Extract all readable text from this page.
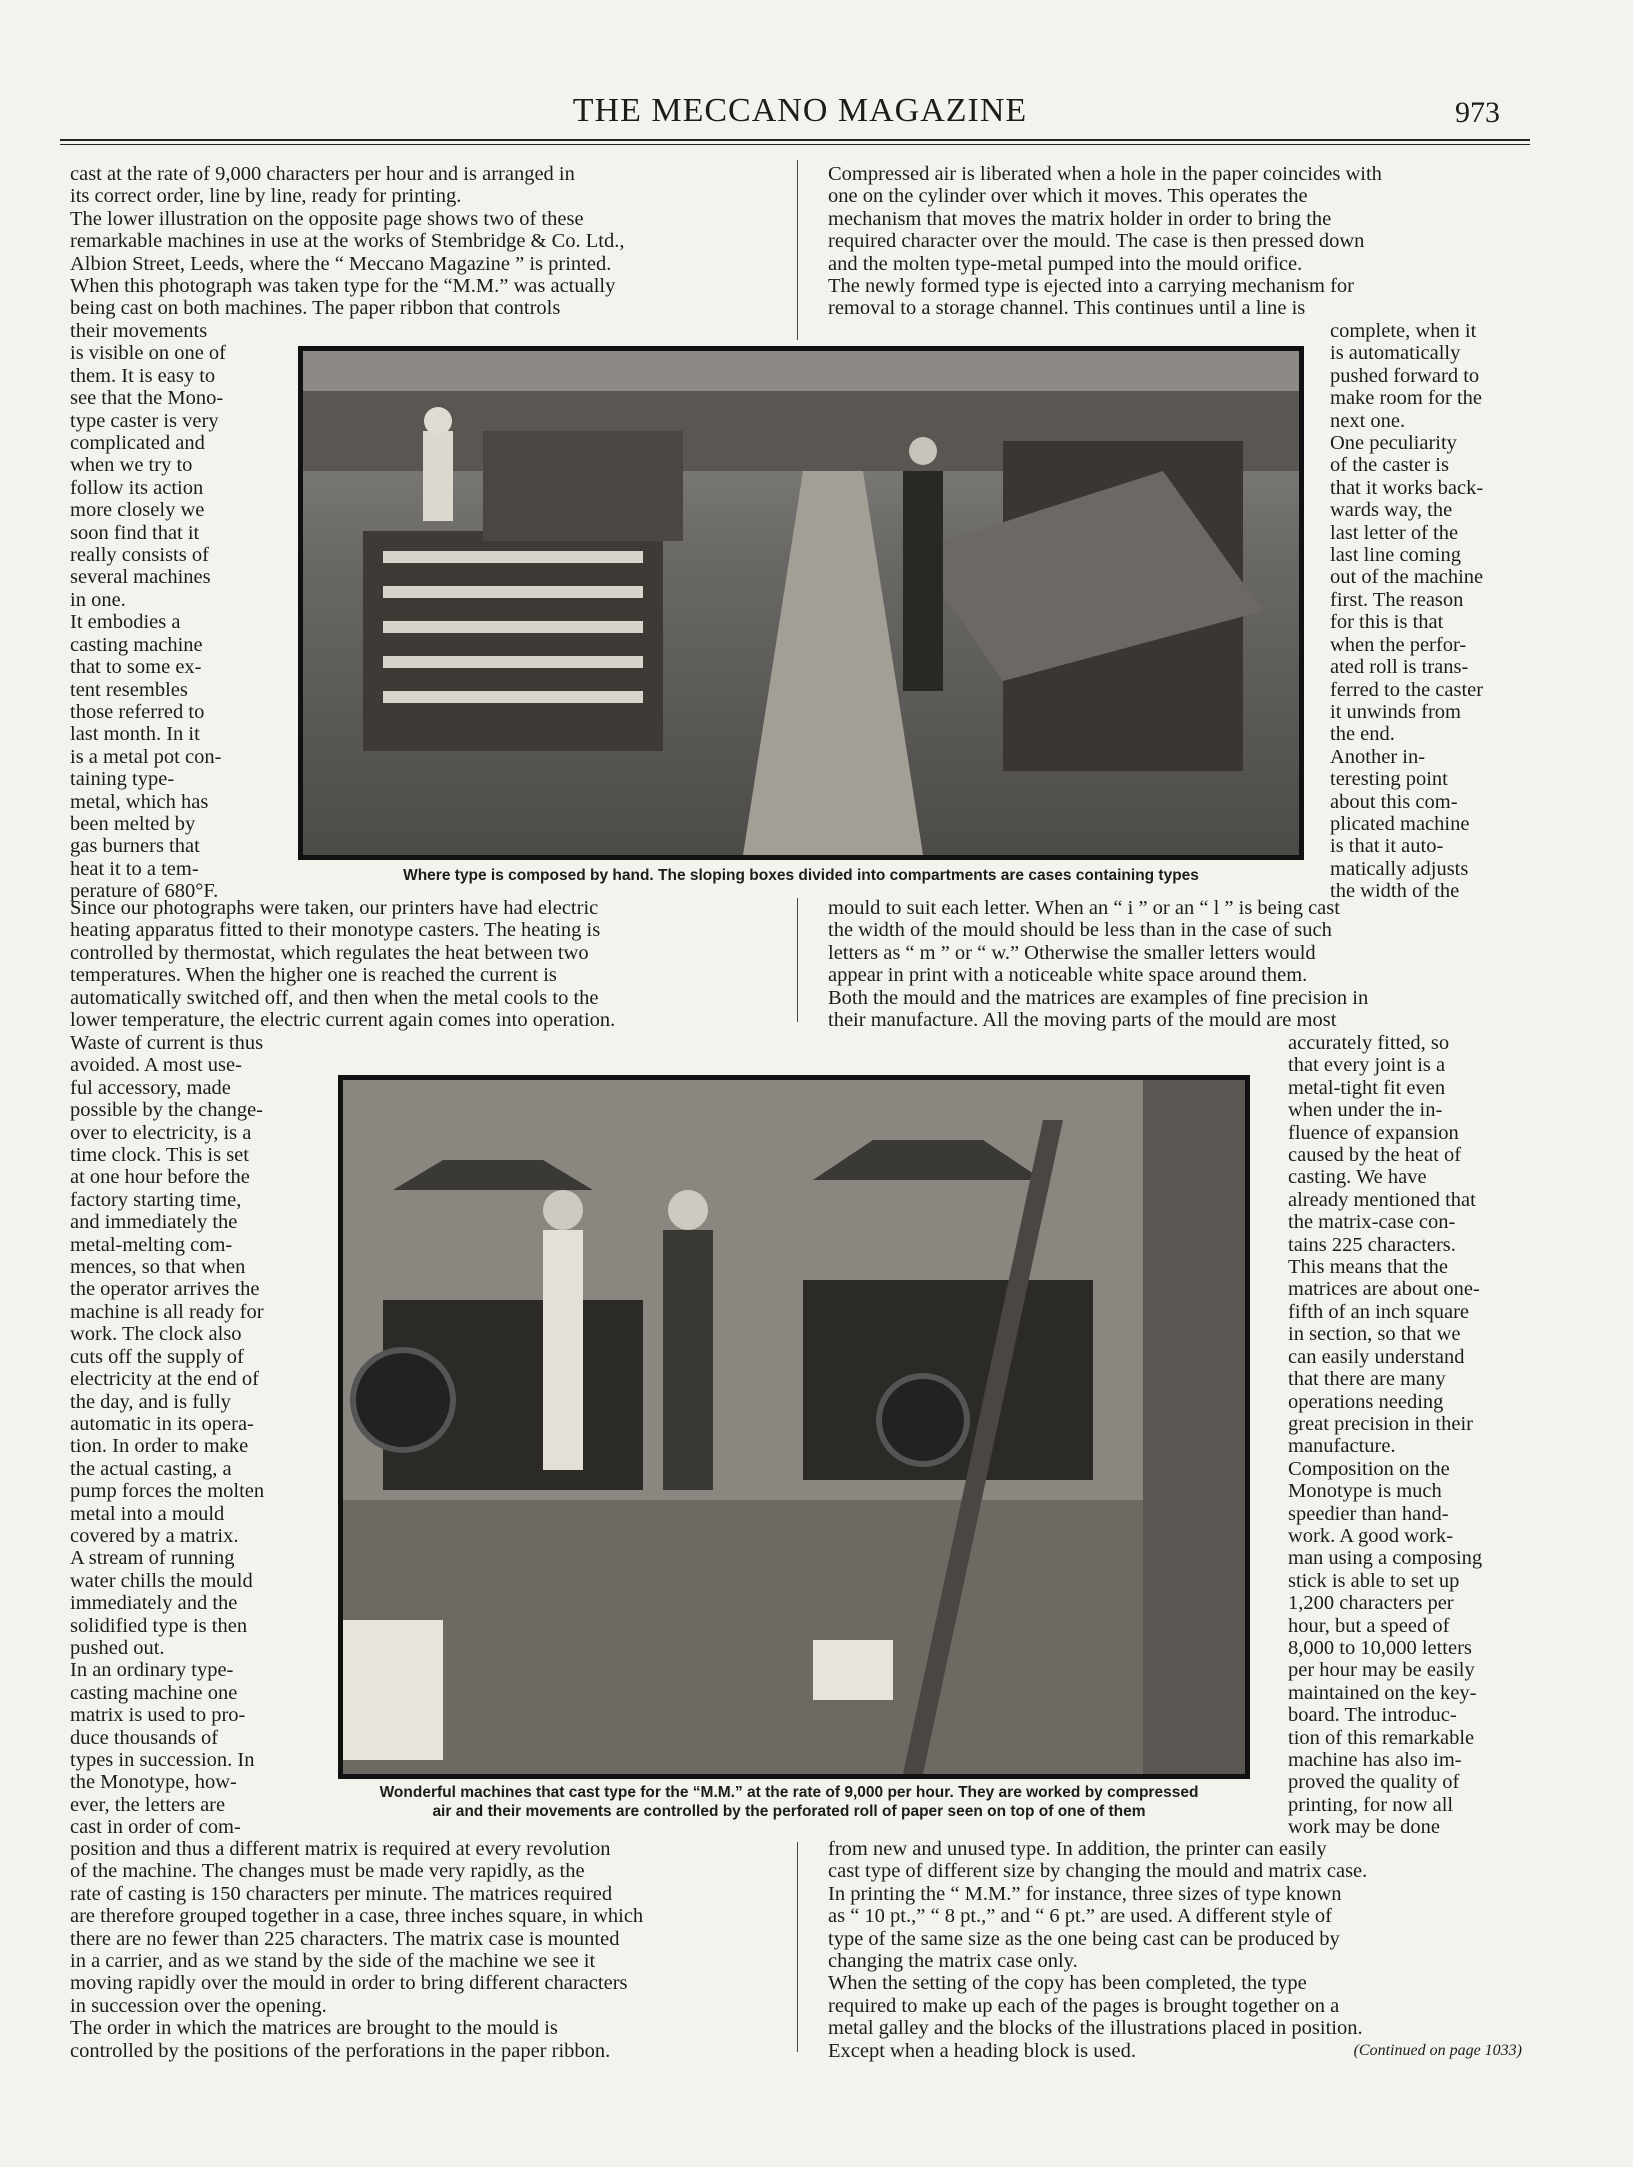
THE MECCANO MAGAZINE	973

cast at the rate of 9,000 characters per hour and is arranged in
its correct order, line by line, ready for printing.
The lower illustration on the opposite page shows two of these
remarkable machines in use at the works of Stembridge & Co. Ltd.,
Albion Street, Leeds, where the “ Meccano Magazine ” is printed.
When this photograph was taken type for the “M.M.” was actually
being cast on both machines. The paper ribbon that controls

their movements
is visible on one of
them. It is easy to
see that the Mono-
type caster is very
complicated and
when we try to
follow its action
more closely we
soon find that it
really consists of
several machines
in one.
It embodies a
casting machine
that to some ex-
tent resembles
those referred to
last month. In it
is a metal pot con-
taining type-
metal, which has
been melted by
gas burners that
heat it to a tem-
perature of 680°F.

Since our photographs were taken, our printers have had electric
heating apparatus fitted to their monotype casters. The heating is
controlled by thermostat, which regulates the heat between two
temperatures. When the higher one is reached the current is
automatically switched off, and then when the metal cools to the
lower temperature, the electric current again comes into operation.

Waste of current is thus
avoided. A most use-
ful accessory, made
possible by the change-
over to electricity, is a
time clock. This is set
at one hour before the
factory starting time,
and immediately the
metal-melting com-
mences, so that when
the operator arrives the
machine is all ready for
work. The clock also
cuts off the supply of
electricity at the end of
the day, and is fully
automatic in its opera-
tion. In order to make
the actual casting, a
pump forces the molten
metal into a mould
covered by a matrix.
A stream of running
water chills the mould
immediately and the
solidified type is then
pushed out.
In an ordinary type-
casting machine one
matrix is used to pro-
duce thousands of
types in succession. In
the Monotype, how-
ever, the letters are
cast in order of com-

position and thus a different matrix is required at every revolution
of the machine. The changes must be made very rapidly, as the
rate of casting is 150 characters per minute. The matrices required
are therefore grouped together in a case, three inches square, in which
there are no fewer than 225 characters. The matrix case is mounted
in a carrier, and as we stand by the side of the machine we see it
moving rapidly over the mould in order to bring different characters
in succession over the opening.
The order in which the matrices are brought to the mould is
controlled by the positions of the perforations in the paper ribbon.

Compressed air is liberated when a hole in the paper coincides with
one on the cylinder over which it moves. This operates the
mechanism that moves the matrix holder in order to bring the
required character over the mould. The case is then pressed down
and the molten type-metal pumped into the mould orifice.
The newly formed type is ejected into a carrying mechanism for
removal to a storage channel. This continues until a line is

complete, when it
is automatically
pushed forward to
make room for the
next one.
One peculiarity
of the caster is
that it works back-
wards way, the
last letter of the
last line coming
out of the machine
first. The reason
for this is that
when the perfor-
ated roll is trans-
ferred to the caster
it unwinds from
the end.
Another in-
teresting point
about this com-
plicated machine
is that it auto-
matically adjusts
the width of the

mould to suit each letter. When an “ i ” or an “ l ” is being cast
the width of the mould should be less than in the case of such
letters as “ m ” or “ w.” Otherwise the smaller letters would
appear in print with a noticeable white space around them.
Both the mould and the matrices are examples of fine precision in
their manufacture. All the moving parts of the mould are most

accurately fitted, so
that every joint is a
metal-tight fit even
when under the in-
fluence of expansion
caused by the heat of
casting. We have
already mentioned that
the matrix-case con-
tains 225 characters.
This means that the
matrices are about one-
fifth of an inch square
in section, so that we
can easily understand
that there are many
operations needing
great precision in their
manufacture.
Composition on the
Monotype is much
speedier than hand-
work. A good work-
man using a composing
stick is able to set up
1,200 characters per
hour, but a speed of
8,000 to 10,000 letters
per hour may be easily
maintained on the key-
board. The introduc-
tion of this remarkable
machine has also im-
proved the quality of
printing, for now all
work may be done

from new and unused type. In addition, the printer can easily
cast type of different size by changing the mould and matrix case.
In printing the “ M.M.” for instance, three sizes of type known
as “ 10 pt.,” “ 8 pt.,” and “ 6 pt.” are used. A different style of
type of the same size as the one being cast can be produced by
changing the matrix case only.
When the setting of the copy has been completed, the type
required to make up each of the pages is brought together on a
metal galley and the blocks of the illustrations placed in position.
Except when a heading block is used.	(Continued on page 1033)

Where type is composed by hand. The sloping boxes divided into compartments are cases containing types

Wonderful machines that cast type for the “M.M.” at the rate of 9,000 per hour. They are worked by compressed
air and their movements are controlled by the perforated roll of paper seen on top of one of them
